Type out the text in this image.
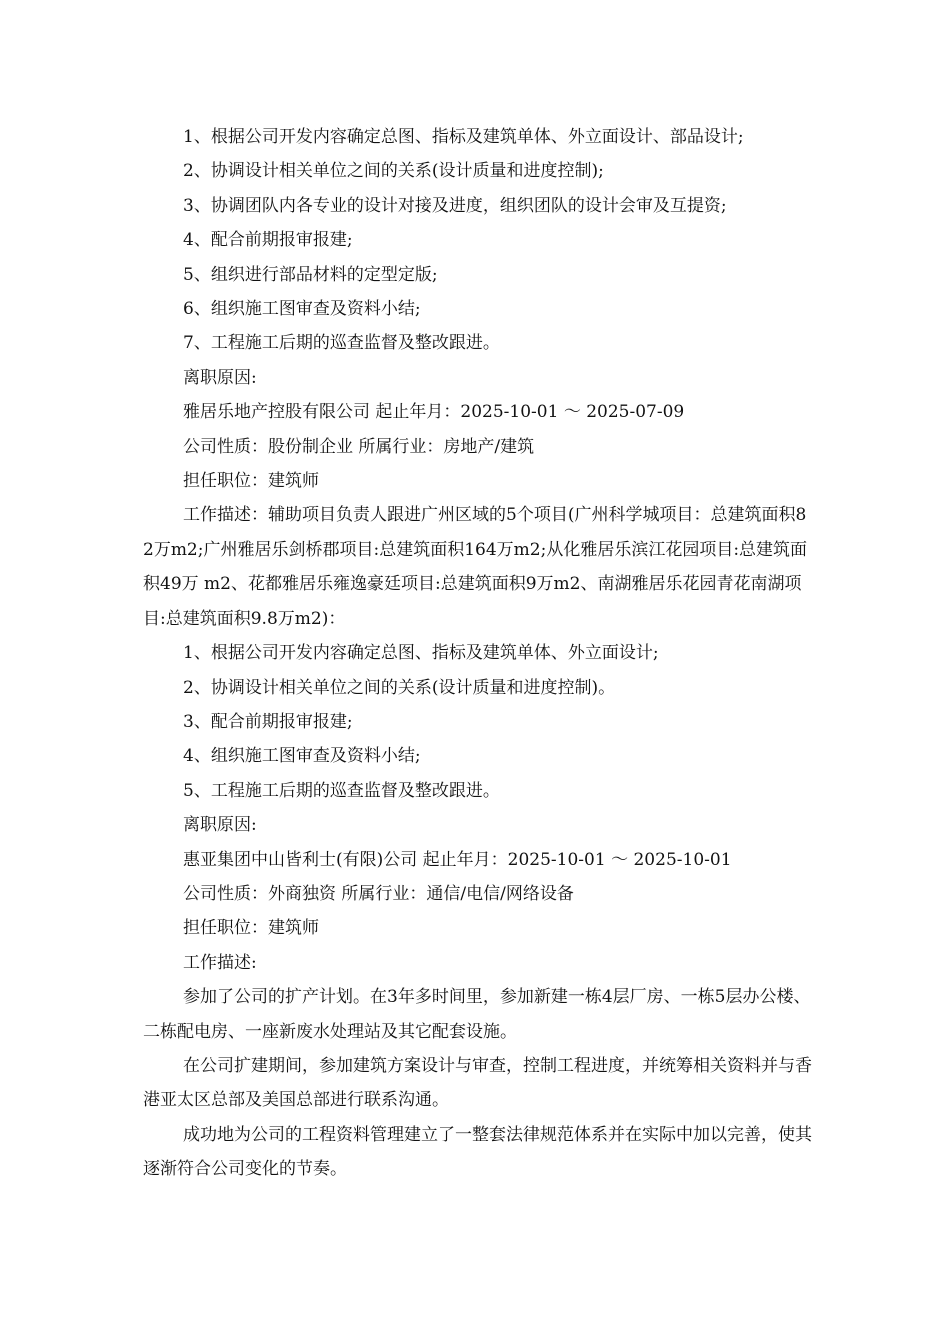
1、根据公司开发内容确定总图、指标及建筑单体、外立面设计、部品设计;

2、协调设计相关单位之间的关系(设计质量和进度控制);

3、协调团队内各专业的设计对接及进度，组织团队的设计会审及互提资;

4、配合前期报审报建;

5、组织进行部品材料的定型定版;

6、组织施工图审查及资料小结;

7、工程施工后期的巡查监督及整改跟进。

离职原因:

雅居乐地产控股有限公司 起止年月：2025-10-01 ～ 2025-07-09

公司性质：股份制企业 所属行业：房地产/建筑

担任职位：建筑师

工作描述：辅助项目负责人跟进广州区域的5个项目(广州科学城项目：总建筑面积82万m2;广州雅居乐剑桥郡项目:总建筑面积164万m2;从化雅居乐滨江花园项目:总建筑面积49万 m2、花都雅居乐雍逸豪廷项目:总建筑面积9万m2、南湖雅居乐花园青花南湖项目:总建筑面积9.8万m2)：

1、根据公司开发内容确定总图、指标及建筑单体、外立面设计;

2、协调设计相关单位之间的关系(设计质量和进度控制)。

3、配合前期报审报建;

4、组织施工图审查及资料小结;

5、工程施工后期的巡查监督及整改跟进。

离职原因:

惠亚集团中山皆利士(有限)公司 起止年月：2025-10-01 ～ 2025-10-01

公司性质：外商独资 所属行业：通信/电信/网络设备

担任职位：建筑师

工作描述:

参加了公司的扩产计划。在3年多时间里，参加新建一栋4层厂房、一栋5层办公楼、二栋配电房、一座新废水处理站及其它配套设施。

在公司扩建期间，参加建筑方案设计与审查，控制工程进度，并统筹相关资料并与香港亚太区总部及美国总部进行联系沟通。

成功地为公司的工程资料管理建立了一整套法律规范体系并在实际中加以完善，使其逐渐符合公司变化的节奏。
